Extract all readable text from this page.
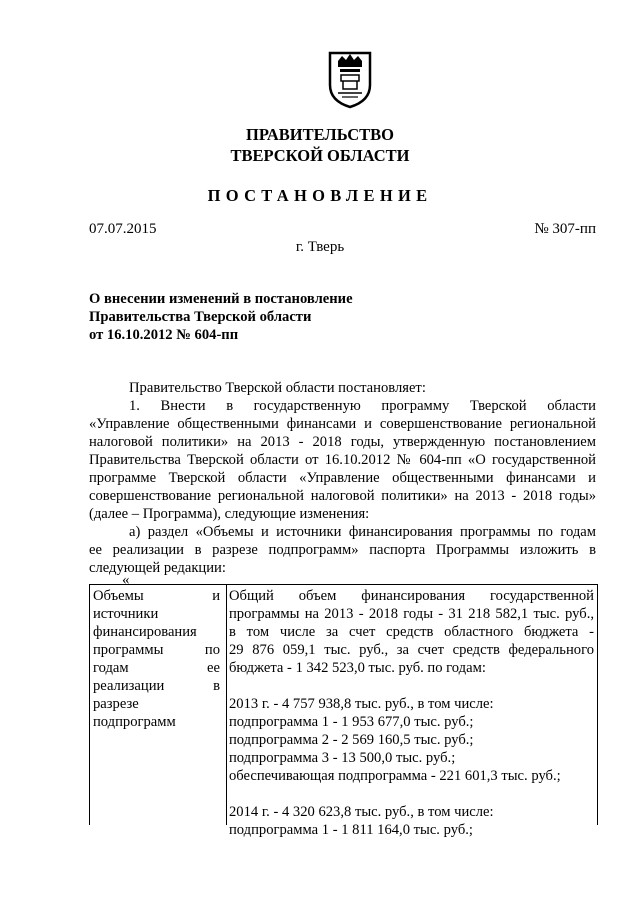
ПРАВИТЕЛЬСТВО
ТВЕРСКОЙ ОБЛАСТИ
ПОСТАНОВЛЕНИЕ
07.07.2015	№ 307-пп
г. Тверь
О внесении изменений в постановление
Правительства Тверской области
от 16.10.2012 № 604-пп
Правительство Тверской области постановляет:
1. Внести в государственную программу Тверской области
«Управление общественными финансами и совершенствование региональной
налоговой политики» на 2013 - 2018 годы, утвержденную постановлением
Правительства Тверской области от 16.10.2012 № 604-пп «О государственной
программе Тверской области «Управление общественными финансами и
совершенствование региональной налоговой политики» на 2013 - 2018 годы»
(далее – Программа), следующие изменения:
а) раздел «Объемы и источники финансирования программы по годам
ее реализации в разрезе подпрограмм» паспорта Программы изложить в
следующей редакции:
«
Объемы и
источники
финансирования
программы по
годам ее
реализации в
разрезе
подпрограмм
Общий объем финансирования государственной
программы на 2013 - 2018 годы - 31 218 582,1 тыс. руб.,
в том числе за счет средств областного бюджета -
29 876 059,1 тыс. руб., за счет средств федерального
бюджета - 1 342 523,0 тыс. руб. по годам:
2013 г. - 4 757 938,8 тыс. руб., в том числе:
подпрограмма 1 - 1 953 677,0 тыс. руб.;
подпрограмма 2 - 2 569 160,5 тыс. руб.;
подпрограмма 3 - 13 500,0 тыс. руб.;
обеспечивающая подпрограмма - 221 601,3 тыс. руб.;
2014 г. - 4 320 623,8 тыс. руб., в том числе:
подпрограмма 1 - 1 811 164,0 тыс. руб.;
